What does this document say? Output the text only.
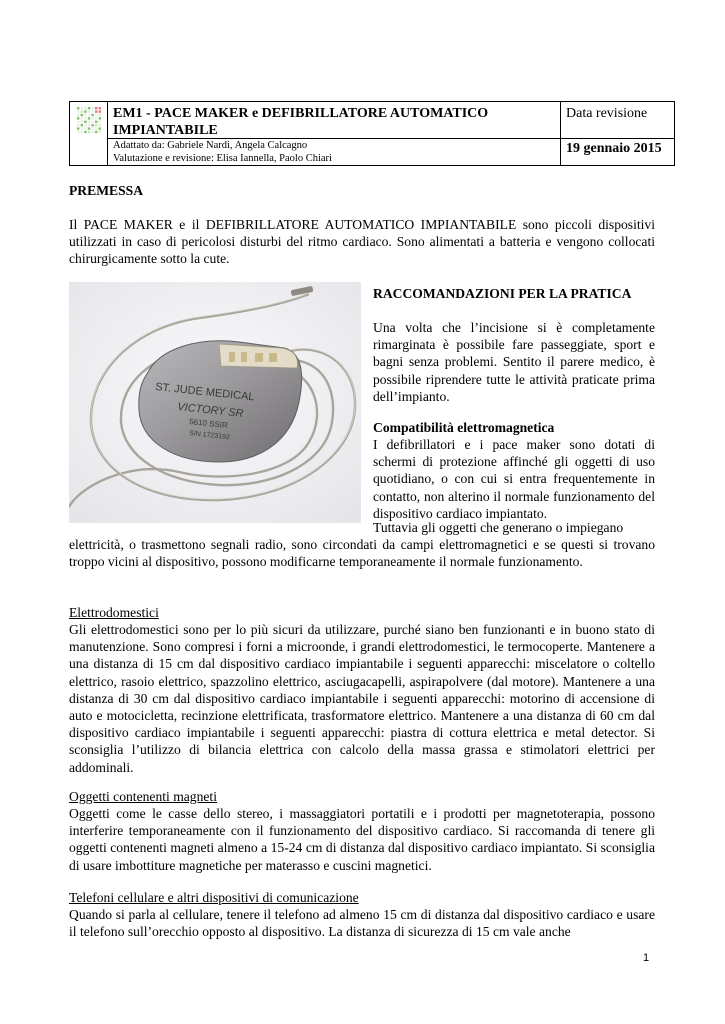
EM1 - PACE MAKER e DEFIBRILLATORE AUTOMATICO IMPIANTABILE
Adattato da: Gabriele Nardi, Angela Calcagno
Valutazione e revisione: Elisa Iannella, Paolo Chiari
Data revisione
19 gennaio 2015
PREMESSA
Il PACE MAKER e il DEFIBRILLATORE AUTOMATICO IMPIANTABILE sono piccoli dispositivi utilizzati in caso di pericolosi disturbi del ritmo cardiaco. Sono alimentati a batteria e vengono collocati chirurgicamente sotto la cute.
ST. JUDE MEDICAL
VICTORY SR
5610 SSIR
S/N 1723192
RACCOMANDAZIONI PER LA PRATICA
Una volta che l’incisione si è completamente rimarginata è possibile fare passeggiate, sport e bagni senza problemi. Sentito il parere medico, è possibile riprendere tutte le attività praticate prima dell’impianto.
Compatibilità elettromagnetica
I defibrillatori e i pace maker sono dotati di schermi di protezione affinché gli oggetti di uso quotidiano, o con cui si entra frequentemente in contatto, non alterino il normale funzionamento del dispositivo cardiaco impiantato.
Tuttavia gli oggetti che generano o impiegano
elettricità, o trasmettono segnali radio, sono circondati da campi elettromagnetici e se questi si trovano troppo vicini al dispositivo, possono modificarne temporaneamente il normale funzionamento.
Elettrodomestici
Gli elettrodomestici sono per lo più sicuri da utilizzare, purché siano ben funzionanti e in buono stato di manutenzione. Sono compresi i forni a microonde, i grandi elettrodomestici, le termocoperte. Mantenere a una distanza di 15 cm dal dispositivo cardiaco impiantabile i seguenti apparecchi: miscelatore o coltello elettrico, rasoio elettrico, spazzolino elettrico, asciugacapelli, aspirapolvere (dal motore). Mantenere a una distanza di 30 cm dal dispositivo cardiaco impiantabile i seguenti apparecchi: motorino di accensione di auto e motocicletta, recinzione elettrificata, trasformatore elettrico. Mantenere a una distanza di 60 cm dal dispositivo cardiaco impiantabile i seguenti apparecchi: piastra di cottura elettrica e metal detector. Si sconsiglia l’utilizzo di bilancia elettrica con calcolo della massa grassa e stimolatori elettrici per addominali.
Oggetti contenenti magneti
Oggetti come le casse dello stereo, i massaggiatori portatili e i prodotti per magnetoterapia, possono interferire temporaneamente con il funzionamento del dispositivo cardiaco. Si raccomanda di tenere gli oggetti contenenti magneti almeno a 15-24 cm di distanza dal dispositivo cardiaco impiantato. Si sconsiglia di usare imbottiture magnetiche per materasso e cuscini magnetici.
Telefoni cellulare e altri dispositivi di comunicazione
Quando si parla al cellulare, tenere il telefono ad almeno 15 cm di distanza dal dispositivo cardiaco e usare il telefono sull’orecchio opposto al dispositivo. La distanza di sicurezza di 15 cm vale anche
1
